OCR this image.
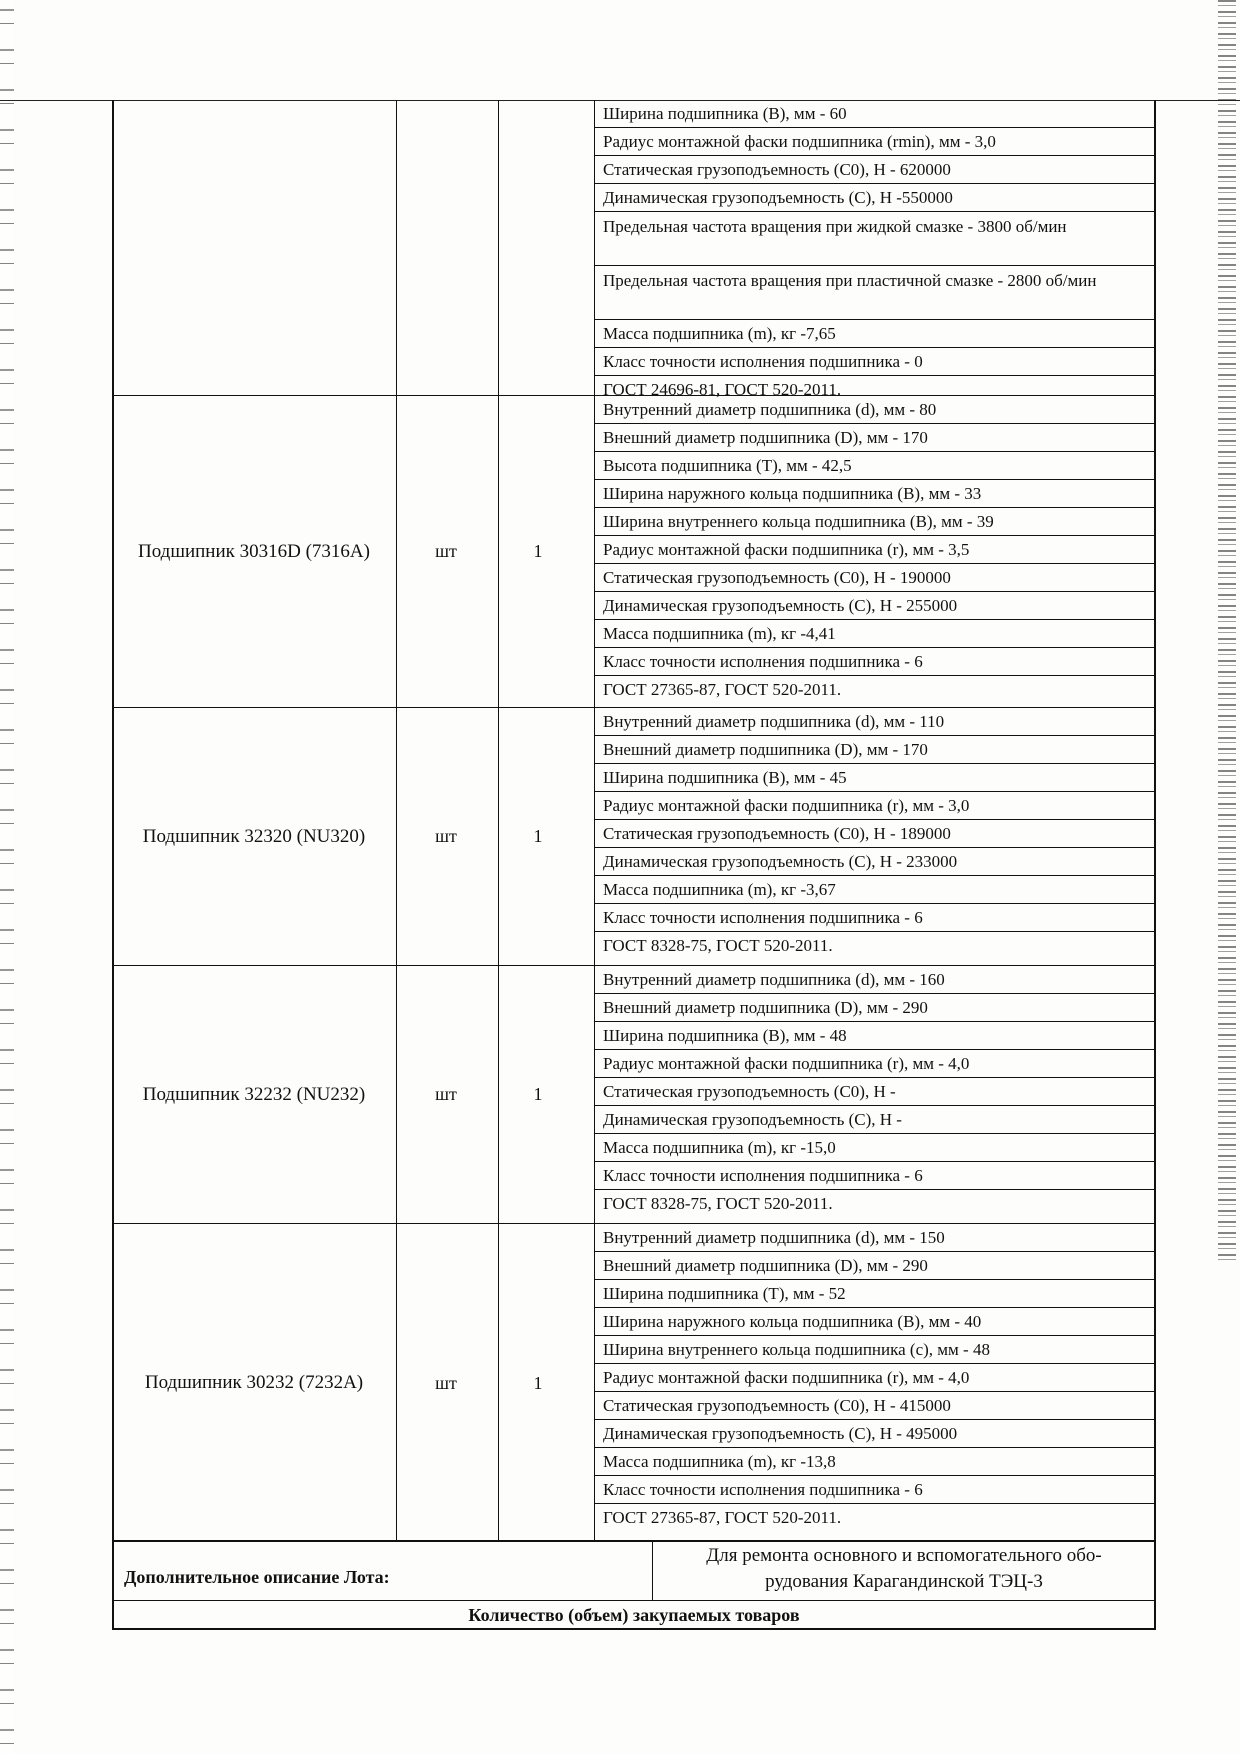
Ширина подшипника (B), мм - 60
Радиус монтажной фаски подшипника (rmin), мм - 3,0
Статическая грузоподъемность (C0), Н - 620000
Динамическая грузоподъемность (C), Н -550000
Предельная частота вращения при жидкой смазке - 3800 об/мин
Предельная частота вращения при пластичной смазке - 2800 об/мин
Масса подшипника (m), кг -7,65
Класс точности исполнения подшипника - 0
ГОСТ 24696-81, ГОСТ 520-2011.
Подшипник 30316D (7316А)	шт	1
Внутренний диаметр подшипника (d), мм - 80
Внешний диаметр подшипника (D), мм - 170
Высота подшипника (T), мм - 42,5
Ширина наружного кольца подшипника (B), мм - 33
Ширина внутреннего кольца подшипника (B), мм - 39
Радиус монтажной фаски подшипника (r), мм - 3,5
Статическая грузоподъемность (C0), Н - 190000
Динамическая грузоподъемность (C), Н - 255000
Масса подшипника (m), кг -4,41
Класс точности исполнения подшипника - 6
ГОСТ 27365-87, ГОСТ 520-2011.
Подшипник 32320 (NU320)	шт	1
Внутренний диаметр подшипника (d), мм - 110
Внешний диаметр подшипника (D), мм - 170
Ширина подшипника (B), мм - 45
Радиус монтажной фаски подшипника (r), мм - 3,0
Статическая грузоподъемность (C0), Н - 189000
Динамическая грузоподъемность (C), Н - 233000
Масса подшипника (m), кг -3,67
Класс точности исполнения подшипника - 6
ГОСТ 8328-75, ГОСТ 520-2011.
Подшипник 32232 (NU232)	шт	1
Внутренний диаметр подшипника (d), мм - 160
Внешний диаметр подшипника (D), мм - 290
Ширина подшипника (B), мм - 48
Радиус монтажной фаски подшипника (r), мм - 4,0
Статическая грузоподъемность (C0), Н -
Динамическая грузоподъемность (C), Н -
Масса подшипника (m), кг -15,0
Класс точности исполнения подшипника - 6
ГОСТ 8328-75, ГОСТ 520-2011.
Подшипник 30232 (7232А)	шт	1
Внутренний диаметр подшипника (d), мм - 150
Внешний диаметр подшипника (D), мм - 290
Ширина подшипника (T), мм - 52
Ширина наружного кольца подшипника (B), мм - 40
Ширина внутреннего кольца подшипника (c), мм - 48
Радиус монтажной фаски подшипника (r), мм - 4,0
Статическая грузоподъемность (C0), Н - 415000
Динамическая грузоподъемность (C), Н - 495000
Масса подшипника (m), кг -13,8
Класс точности исполнения подшипника - 6
ГОСТ 27365-87, ГОСТ 520-2011.
Дополнительное описание Лота:
Для ремонта основного и вспомогательного обо-
рудования Карагандинской ТЭЦ-3
Количество (объем) закупаемых товаров
